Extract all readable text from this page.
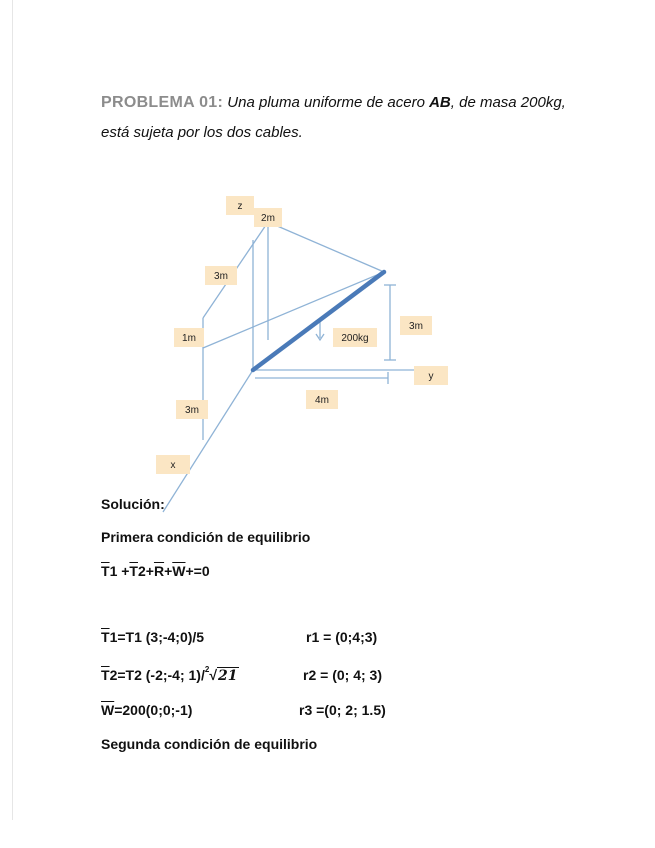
PROBLEMA 01: Una pluma uniforme de acero AB, de masa 200kg,
está sujeta por los dos cables.
z
2m
3m
1m	200kg
3m
y
4m
3m
x
Solución:
Primera condición de equilibrio
$\overline{T}1 +\overline{T}2+\overline{R}+\overline{W}+=0$
$\overline{T}1=T1$ (3;-4;0)/5	r1 = (0;4;3)
$\overline{T}2=T2$ (-2;-4; 1)/$^2$√21	r2 = (0; 4; 3)
$\overline{W}=200(0;0;-1)$	r3 =(0; 2; 1.5)
Segunda condición de equilibrio
